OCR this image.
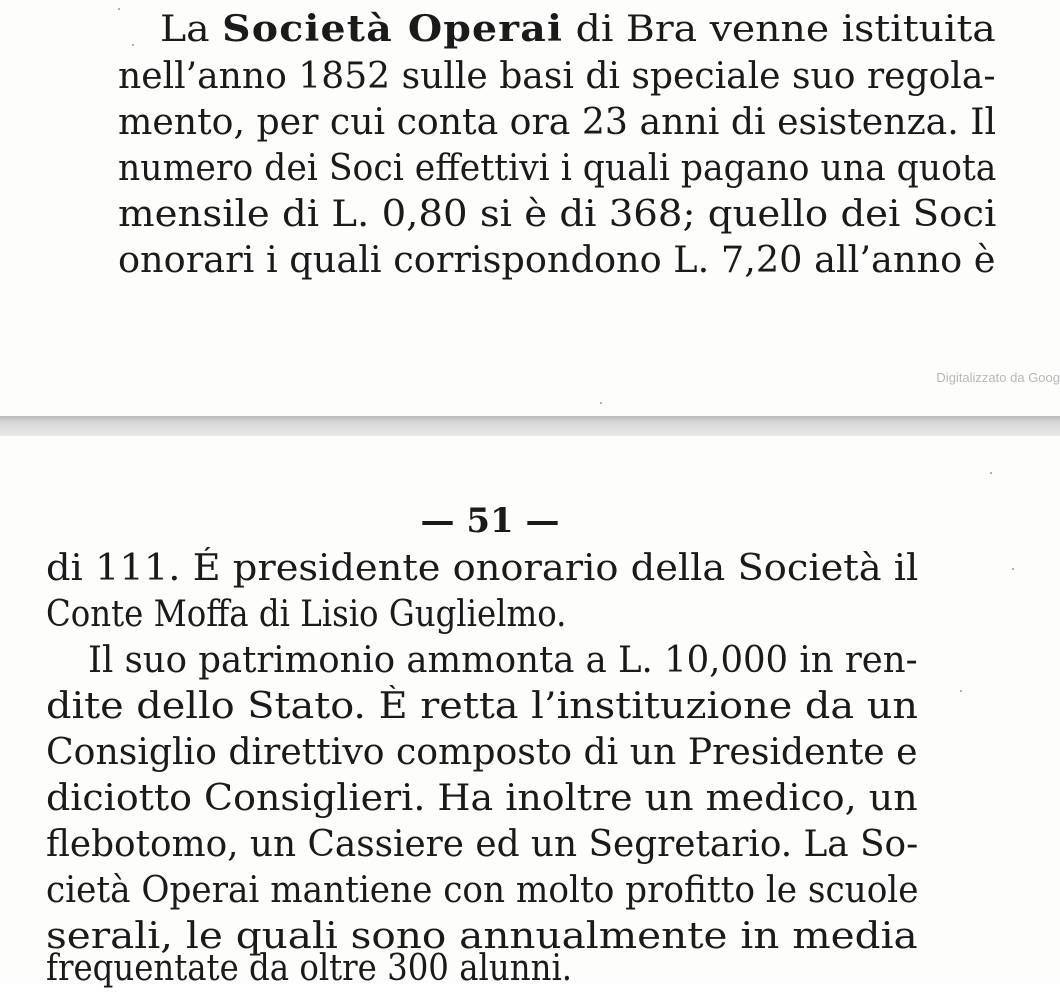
La Società Operai di Bra venne istituita
nell’anno 1852 sulle basi di speciale suo regola-
mento, per cui conta ora 23 anni di esistenza. Il
numero dei Soci effettivi i quali pagano una quota
mensile di L. 0,80 si è di 368; quello dei Soci
onorari i quali corrispondono L. 7,20 all’anno è
Digitalizzato da Goog
— 51 —
di 111. É presidente onorario della Società il
Conte Moffa di Lisio Guglielmo.
Il suo patrimonio ammonta a L. 10,000 in ren-
dite dello Stato. È retta l’instituzione da un
Consiglio direttivo composto di un Presidente e
diciotto Consiglieri. Ha inoltre un medico, un
flebotomo, un Cassiere ed un Segretario. La So-
cietà Operai mantiene con molto profitto le scuole
serali, le quali sono annualmente in media
frequentate da oltre 300 alunni.
